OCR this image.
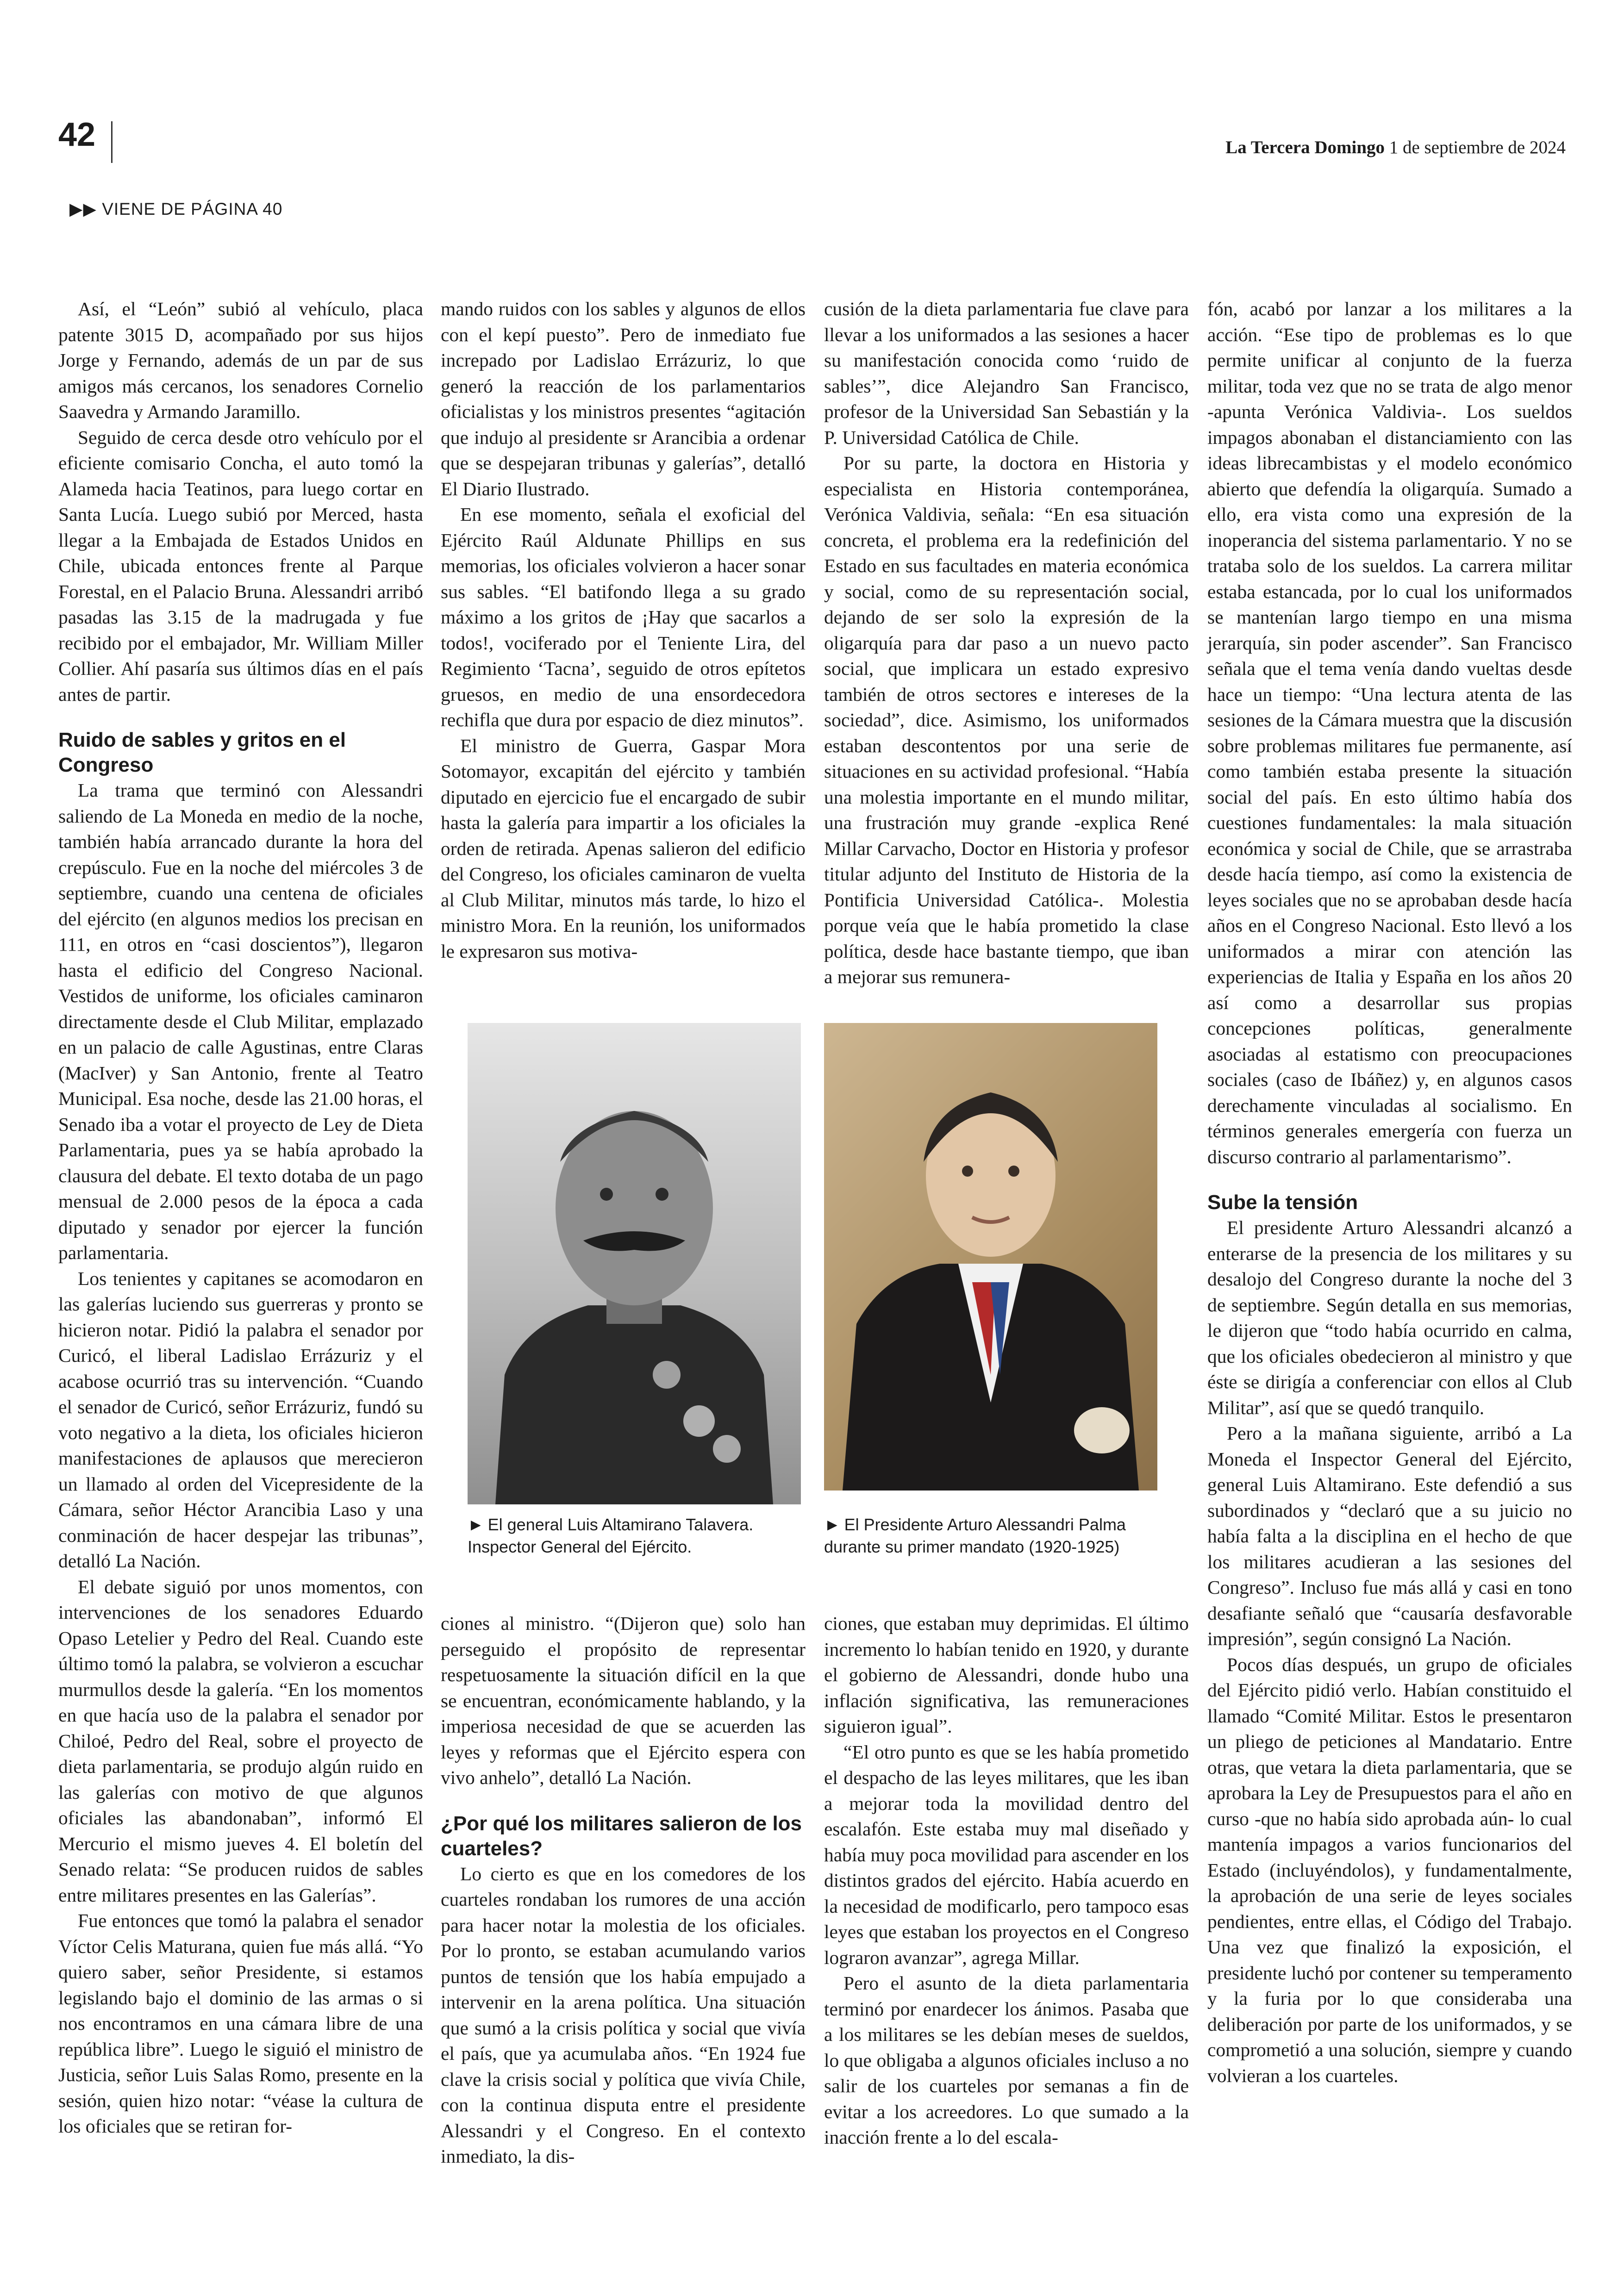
42	La Tercera Domingo 1 de septiembre de 2024
▶▶ VIENE DE PÁGINA 40

Así, el “León” subió al vehículo, placa patente 3015 D, acompañado por sus hijos Jorge y Fernando, además de un par de sus amigos más cercanos, los senadores Cornelio Saavedra y Armando Jaramillo.

Seguido de cerca desde otro vehículo por el eficiente comisario Concha, el auto tomó la Alameda hacia Teatinos, para luego cortar en Santa Lucía. Luego subió por Merced, hasta llegar a la Embajada de Estados Unidos en Chile, ubicada entonces frente al Parque Forestal, en el Palacio Bruna. Alessandri arribó pasadas las 3.15 de la madrugada y fue recibido por el embajador, Mr. William Miller Collier. Ahí pasaría sus últimos días en el país antes de partir.

Ruido de sables y gritos en el Congreso

La trama que terminó con Alessandri saliendo de La Moneda en medio de la noche, también había arrancado durante la hora del crepúsculo. Fue en la noche del miércoles 3 de septiembre, cuando una centena de oficiales del ejército (en algunos medios los precisan en 111, en otros en “casi doscientos”), llegaron hasta el edificio del Congreso Nacional. Vestidos de uniforme, los oficiales caminaron directamente desde el Club Militar, emplazado en un palacio de calle Agustinas, entre Claras (MacIver) y San Antonio, frente al Teatro Municipal. Esa noche, desde las 21.00 horas, el Senado iba a votar el proyecto de Ley de Dieta Parlamentaria, pues ya se había aprobado la clausura del debate. El texto dotaba de un pago mensual de 2.000 pesos de la época a cada diputado y senador por ejercer la función parlamentaria.

Los tenientes y capitanes se acomodaron en las galerías luciendo sus guerreras y pronto se hicieron notar. Pidió la palabra el senador por Curicó, el liberal Ladislao Errázuriz y el acabose ocurrió tras su intervención. “Cuando el senador de Curicó, señor Errázuriz, fundó su voto negativo a la dieta, los oficiales hicieron manifestaciones de aplausos que merecieron un llamado al orden del Vicepresidente de la Cámara, señor Héctor Arancibia Laso y una conminación de hacer despejar las tribunas”, detalló La Nación.

El debate siguió por unos momentos, con intervenciones de los senadores Eduardo Opaso Letelier y Pedro del Real. Cuando este último tomó la palabra, se volvieron a escuchar murmullos desde la galería. “En los momentos en que hacía uso de la palabra el senador por Chiloé, Pedro del Real, sobre el proyecto de dieta parlamentaria, se produjo algún ruido en las galerías con motivo de que algunos oficiales las abandonaban”, informó El Mercurio el mismo jueves 4. El boletín del Senado relata: “Se producen ruidos de sables entre militares presentes en las Galerías”.

Fue entonces que tomó la palabra el senador Víctor Celis Maturana, quien fue más allá. “Yo quiero saber, señor Presidente, si estamos legislando bajo el dominio de las armas o si nos encontramos en una cámara libre de una república libre”. Luego le siguió el ministro de Justicia, señor Luis Salas Romo, presente en la sesión, quien hizo notar: “véase la cultura de los oficiales que se retiran for-

mando ruidos con los sables y algunos de ellos con el kepí puesto”. Pero de inmediato fue increpado por Ladislao Errázuriz, lo que generó la reacción de los parlamentarios oficialistas y los ministros presentes “agitación que indujo al presidente sr Arancibia a ordenar que se despejaran tribunas y galerías”, detalló El Diario Ilustrado.

En ese momento, señala el exoficial del Ejército Raúl Aldunate Phillips en sus memorias, los oficiales volvieron a hacer sonar sus sables. “El batifondo llega a su grado máximo a los gritos de ¡Hay que sacarlos a todos!, vociferado por el Teniente Lira, del Regimiento ‘Tacna’, seguido de otros epítetos gruesos, en medio de una ensordecedora rechifla que dura por espacio de diez minutos”.

El ministro de Guerra, Gaspar Mora Sotomayor, excapitán del ejército y también diputado en ejercicio fue el encargado de subir hasta la galería para impartir a los oficiales la orden de retirada. Apenas salieron del edificio del Congreso, los oficiales caminaron de vuelta al Club Militar, minutos más tarde, lo hizo el ministro Mora. En la reunión, los uniformados le expresaron sus motiva-

cusión de la dieta parlamentaria fue clave para llevar a los uniformados a las sesiones a hacer su manifestación conocida como ‘ruido de sables’”, dice Alejandro San Francisco, profesor de la Universidad San Sebastián y la P. Universidad Católica de Chile.

Por su parte, la doctora en Historia y especialista en Historia contemporánea, Verónica Valdivia, señala: “En esa situación concreta, el problema era la redefinición del Estado en sus facultades en materia económica y social, como de su representación social, dejando de ser solo la expresión de la oligarquía para dar paso a un nuevo pacto social, que implicara un estado expresivo también de otros sectores e intereses de la sociedad”, dice. Asimismo, los uniformados estaban descontentos por una serie de situaciones en su actividad profesional. “Había una molestia importante en el mundo militar, una frustración muy grande -explica René Millar Carvacho, Doctor en Historia y profesor titular adjunto del Instituto de Historia de la Pontificia Universidad Católica-. Molestia porque veía que le había prometido la clase política, desde hace bastante tiempo, que iban a mejorar sus remunera-

► El general Luis Altamirano Talavera. Inspector General del Ejército.
► El Presidente Arturo Alessandri Palma durante su primer mandato (1920-1925)

ciones al ministro. “(Dijeron que) solo han perseguido el propósito de representar respetuosamente la situación difícil en la que se encuentran, económicamente hablando, y la imperiosa necesidad de que se acuerden las leyes y reformas que el Ejército espera con vivo anhelo”, detalló La Nación.

¿Por qué los militares salieron de los cuarteles?

Lo cierto es que en los comedores de los cuarteles rondaban los rumores de una acción para hacer notar la molestia de los oficiales. Por lo pronto, se estaban acumulando varios puntos de tensión que los había empujado a intervenir en la arena política. Una situación que sumó a la crisis política y social que vivía el país, que ya acumulaba años. “En 1924 fue clave la crisis social y política que vivía Chile, con la continua disputa entre el presidente Alessandri y el Congreso. En el contexto inmediato, la dis-

ciones, que estaban muy deprimidas. El último incremento lo habían tenido en 1920, y durante el gobierno de Alessandri, donde hubo una inflación significativa, las remuneraciones siguieron igual”.

“El otro punto es que se les había prometido el despacho de las leyes militares, que les iban a mejorar toda la movilidad dentro del escalafón. Este estaba muy mal diseñado y había muy poca movilidad para ascender en los distintos grados del ejército. Había acuerdo en la necesidad de modificarlo, pero tampoco esas leyes que estaban los proyectos en el Congreso lograron avanzar”, agrega Millar.

Pero el asunto de la dieta parlamentaria terminó por enardecer los ánimos. Pasaba que a los militares se les debían meses de sueldos, lo que obligaba a algunos oficiales incluso a no salir de los cuarteles por semanas a fin de evitar a los acreedores. Lo que sumado a la inacción frente a lo del escala-

fón, acabó por lanzar a los militares a la acción. “Ese tipo de problemas es lo que permite unificar al conjunto de la fuerza militar, toda vez que no se trata de algo menor -apunta Verónica Valdivia-. Los sueldos impagos abonaban el distanciamiento con las ideas librecambistas y el modelo económico abierto que defendía la oligarquía. Sumado a ello, era vista como una expresión de la inoperancia del sistema parlamentario. Y no se trataba solo de los sueldos. La carrera militar estaba estancada, por lo cual los uniformados se mantenían largo tiempo en una misma jerarquía, sin poder ascender”. San Francisco señala que el tema venía dando vueltas desde hace un tiempo: “Una lectura atenta de las sesiones de la Cámara muestra que la discusión sobre problemas militares fue permanente, así como también estaba presente la situación social del país. En esto último había dos cuestiones fundamentales: la mala situación económica y social de Chile, que se arrastraba desde hacía tiempo, así como la existencia de leyes sociales que no se aprobaban desde hacía años en el Congreso Nacional. Esto llevó a los uniformados a mirar con atención las experiencias de Italia y España en los años 20 así como a desarrollar sus propias concepciones políticas, generalmente asociadas al estatismo con preocupaciones sociales (caso de Ibáñez) y, en algunos casos derechamente vinculadas al socialismo. En términos generales emergería con fuerza un discurso contrario al parlamentarismo”.

Sube la tensión

El presidente Arturo Alessandri alcanzó a enterarse de la presencia de los militares y su desalojo del Congreso durante la noche del 3 de septiembre. Según detalla en sus memorias, le dijeron que “todo había ocurrido en calma, que los oficiales obedecieron al ministro y que éste se dirigía a conferenciar con ellos al Club Militar”, así que se quedó tranquilo.

Pero a la mañana siguiente, arribó a La Moneda el Inspector General del Ejército, general Luis Altamirano. Este defendió a sus subordinados y “declaró que a su juicio no había falta a la disciplina en el hecho de que los militares acudieran a las sesiones del Congreso”. Incluso fue más allá y casi en tono desafiante señaló que “causaría desfavorable impresión”, según consignó La Nación.

Pocos días después, un grupo de oficiales del Ejército pidió verlo. Habían constituido el llamado “Comité Militar. Estos le presentaron un pliego de peticiones al Mandatario. Entre otras, que vetara la dieta parlamentaria, que se aprobara la Ley de Presupuestos para el año en curso -que no había sido aprobada aún- lo cual mantenía impagos a varios funcionarios del Estado (incluyéndolos), y fundamentalmente, la aprobación de una serie de leyes sociales pendientes, entre ellas, el Código del Trabajo. Una vez que finalizó la exposición, el presidente luchó por contener su temperamento y la furia por lo que consideraba una deliberación por parte de los uniformados, y se comprometió a una solución, siempre y cuando volvieran a los cuarteles.
